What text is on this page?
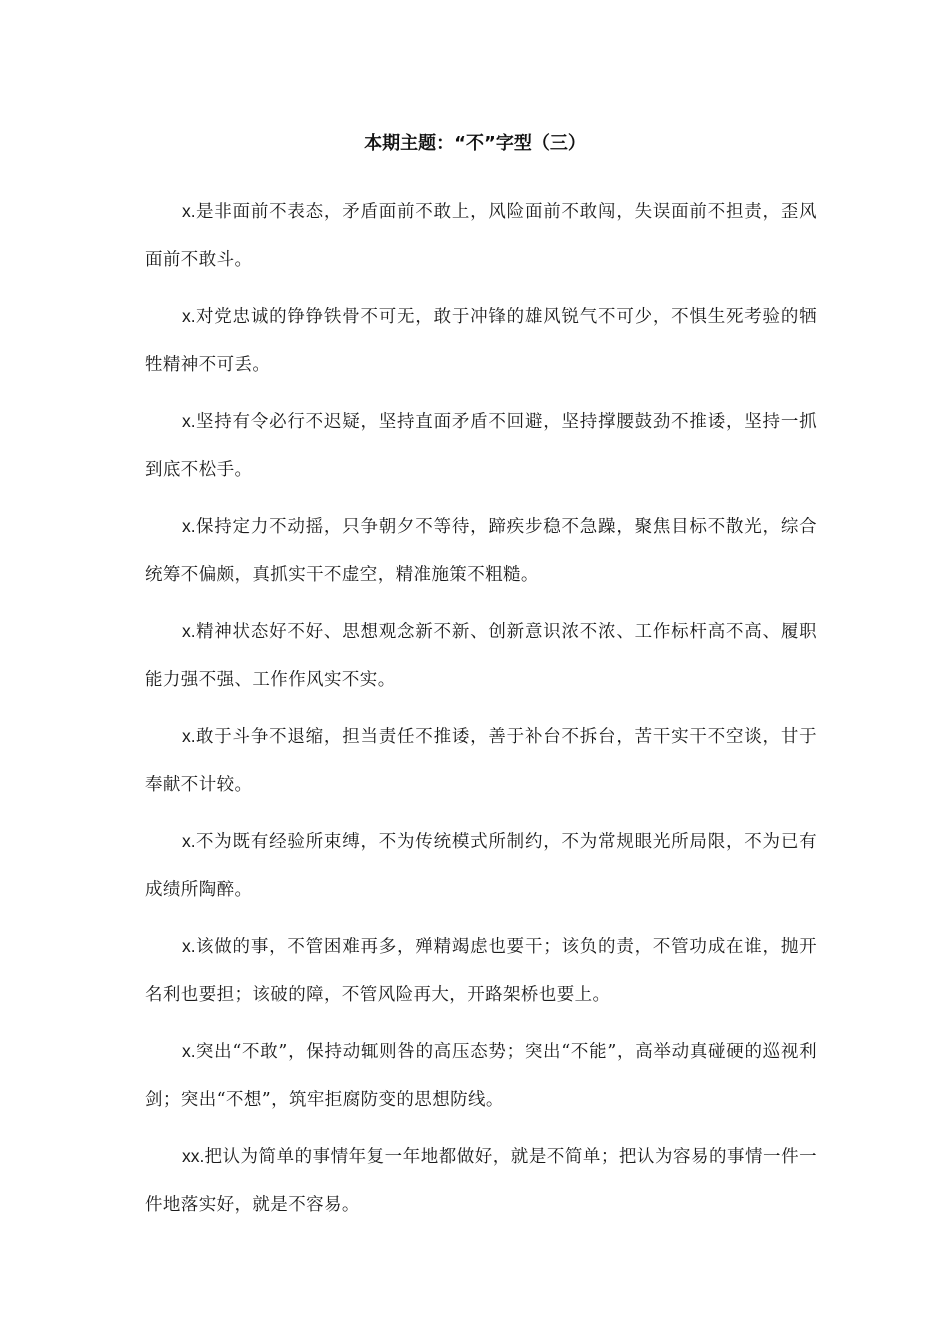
本期主题：“不”字型（三）

x.是非面前不表态，矛盾面前不敢上，风险面前不敢闯，失误面前不担责，歪风面前不敢斗。

x.对党忠诚的铮铮铁骨不可无，敢于冲锋的雄风锐气不可少，不惧生死考验的牺牲精神不可丢。

x.坚持有令必行不迟疑，坚持直面矛盾不回避，坚持撑腰鼓劲不推诿，坚持一抓到底不松手。

x.保持定力不动摇，只争朝夕不等待，蹄疾步稳不急躁，聚焦目标不散光，综合统筹不偏颇，真抓实干不虚空，精准施策不粗糙。

x.精神状态好不好、思想观念新不新、创新意识浓不浓、工作标杆高不高、履职能力强不强、工作作风实不实。

x.敢于斗争不退缩，担当责任不推诿，善于补台不拆台，苦干实干不空谈，甘于奉献不计较。

x.不为既有经验所束缚，不为传统模式所制约，不为常规眼光所局限，不为已有成绩所陶醉。

x.该做的事，不管困难再多，殚精竭虑也要干；该负的责，不管功成在谁，抛开名利也要担；该破的障，不管风险再大，开路架桥也要上。

x.突出“不敢”，保持动辄则咎的高压态势；突出“不能”，高举动真碰硬的巡视利剑；突出“不想”，筑牢拒腐防变的思想防线。

xx.把认为简单的事情年复一年地都做好，就是不简单；把认为容易的事情一件一件地落实好，就是不容易。
